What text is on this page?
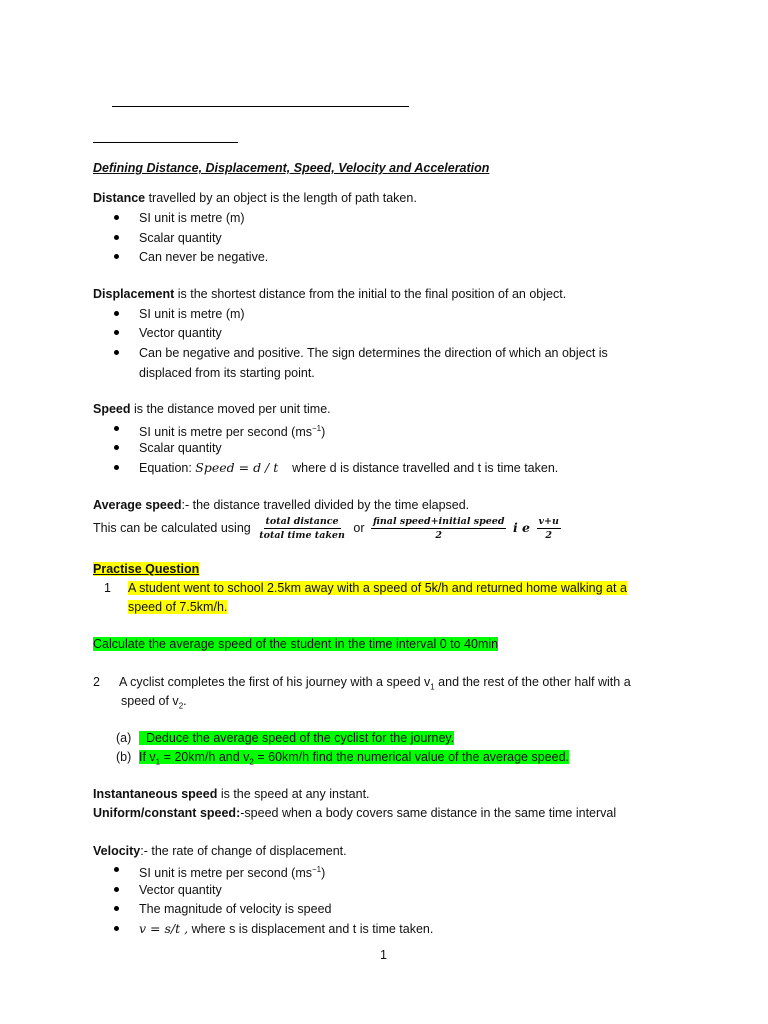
Defining Distance, Displacement, Speed, Velocity and Acceleration
Distance travelled by an object is the length of path taken.
SI unit is metre (m)
Scalar quantity
Can never be negative.
Displacement is the shortest distance from the initial to the final position of an object.
SI unit is metre (m)
Vector quantity
Can be negative and positive. The sign determines the direction of which an object is
displaced from its starting point.
Speed is the distance moved per unit time.
SI unit is metre per second $(ms^{-1})$
Scalar quantity
Equation: Speed = d / t    where d is distance travelled and t is time taken.
Average speed:- the distance travelled divided by the time elapsed.
This can be calculated using $\frac{\text{total distance}}{\text{total time taken}}$ or $\frac{\text{final speed+initial speed}}{2}$ i e $\frac{v+u}{2}$
Practise Question
1 A student went to school 2.5km away with a speed of 5k/h and returned home walking at a
speed of 7.5km/h.
Calculate the average speed of the student in the time interval 0 to 40min
2 A cyclist completes the first of his journey with a speed $v_1$ and the rest of the other half with a
speed of $v_2$.
(a) Deduce the average speed of the cyclist for the journey.
(b) If $v_1 = 20km/h$ and $v_2 = 60km/h$ find the numerical value of the average speed.
Instantaneous speed is the speed at any instant.
Uniform/constant speed:-speed when a body covers same distance in the same time interval
Velocity:- the rate of change of displacement.
SI unit is metre per second $(ms^{-1})$
Vector quantity
The magnitude of velocity is speed
v = s/t , where s is displacement and t is time taken.
1
